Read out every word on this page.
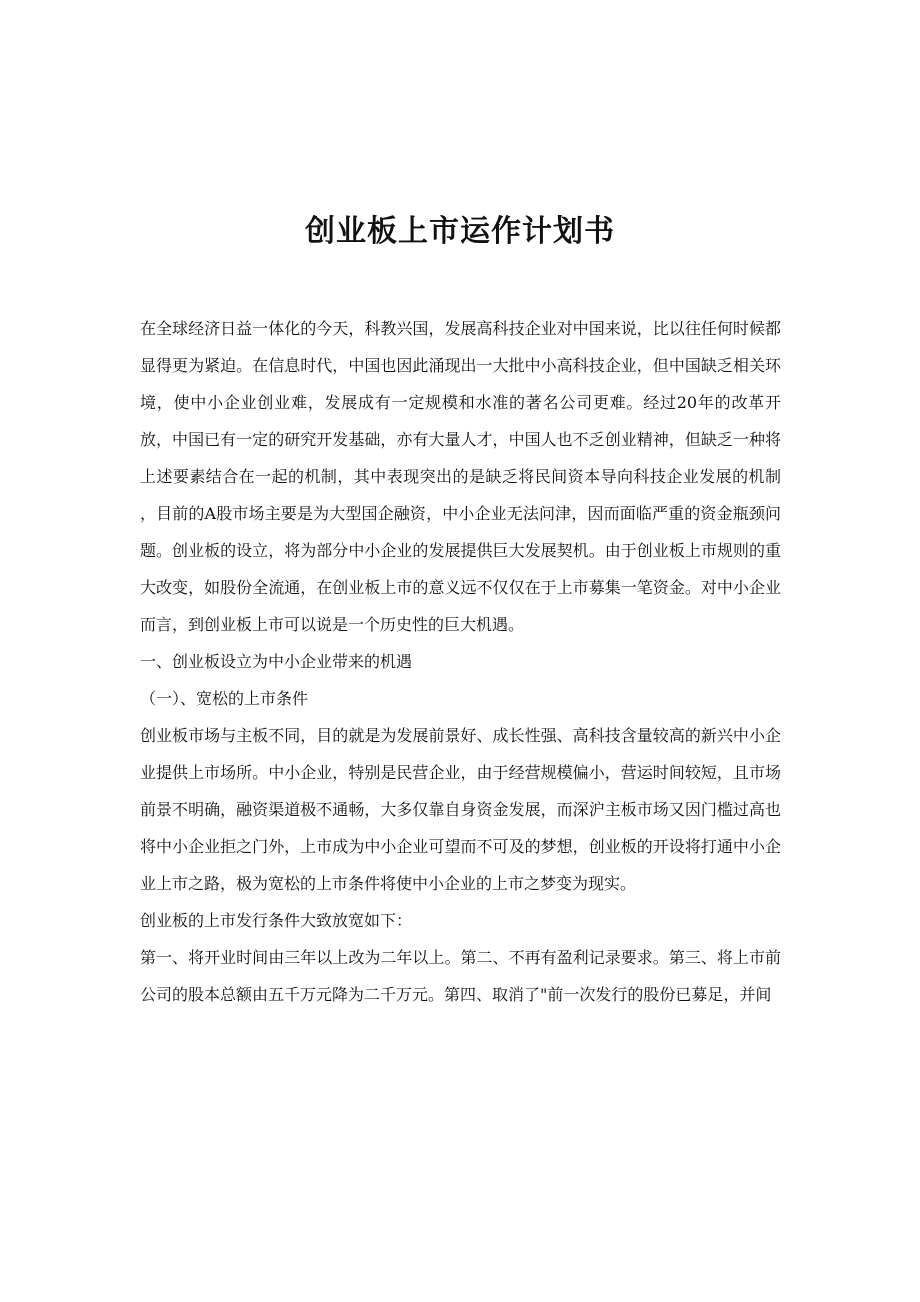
创业板上市运作计划书

在全球经济日益一体化的今天，科教兴国，发展高科技企业对中国来说，比以往任何时候都显得更为紧迫。在信息时代，中国也因此涌现出一大批中小高科技企业，但中国缺乏相关环境，使中小企业创业难，发展成有一定规模和水准的著名公司更难。经过20年的改革开放，中国已有一定的研究开发基础，亦有大量人才，中国人也不乏创业精神，但缺乏一种将上述要素结合在一起的机制，其中表现突出的是缺乏将民间资本导向科技企业发展的机制 ，目前的A股市场主要是为大型国企融资，中小企业无法问津，因而面临严重的资金瓶颈问题。创业板的设立，将为部分中小企业的发展提供巨大发展契机。由于创业板上市规则的重大改变，如股份全流通，在创业板上市的意义远不仅仅在于上市募集一笔资金。对中小企业而言，到创业板上市可以说是一个历史性的巨大机遇。

一、创业板设立为中小企业带来的机遇

（一）、宽松的上市条件

创业板市场与主板不同，目的就是为发展前景好、成长性强、高科技含量较高的新兴中小企业提供上市场所。中小企业，特别是民营企业，由于经营规模偏小，营运时间较短，且市场前景不明确，融资渠道极不通畅，大多仅靠自身资金发展，而深沪主板市场又因门槛过高也将中小企业拒之门外，上市成为中小企业可望而不可及的梦想，创业板的开设将打通中小企业上市之路，极为宽松的上市条件将使中小企业的上市之梦变为现实。

创业板的上市发行条件大致放宽如下：

第一、将开业时间由三年以上改为二年以上。第二、不再有盈利记录要求。第三、将上市前公司的股本总额由五千万元降为二千万元。第四、取消了"前一次发行的股份已募足，并间
